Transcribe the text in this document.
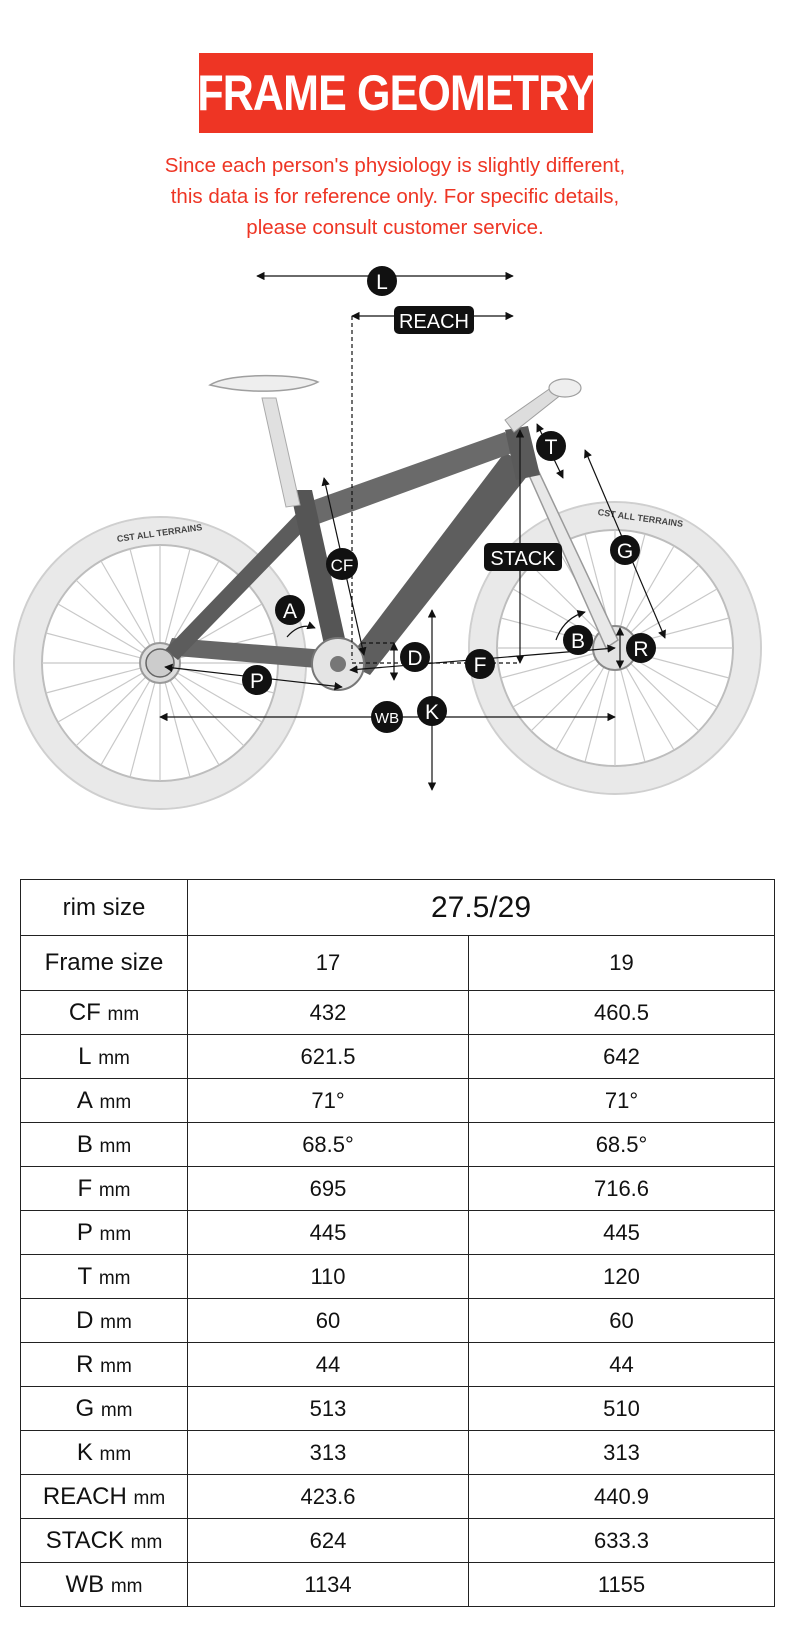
FRAME GEOMETRY
Since each person's physiology is slightly different,
this data is for reference only. For specific details,
please consult customer service.
CST ALL TERRAINS
CST ALL TERRAINS
L
REACH
STACK
T
CF
A
G
B R
D F
P
WB K
rim size	27.5/29	
Frame size	17	19
CF mm	432	460.5
L mm	621.5	642
A mm	71°	71°
B mm	68.5°	68.5°
F mm	695	716.6
P mm	445	445
T mm	110	120
D mm	60	60
R mm	44	44
G mm	513	510
K mm	313	313
REACH mm	423.6	440.9
STACK mm	624	633.3
WB mm	1134	1155
